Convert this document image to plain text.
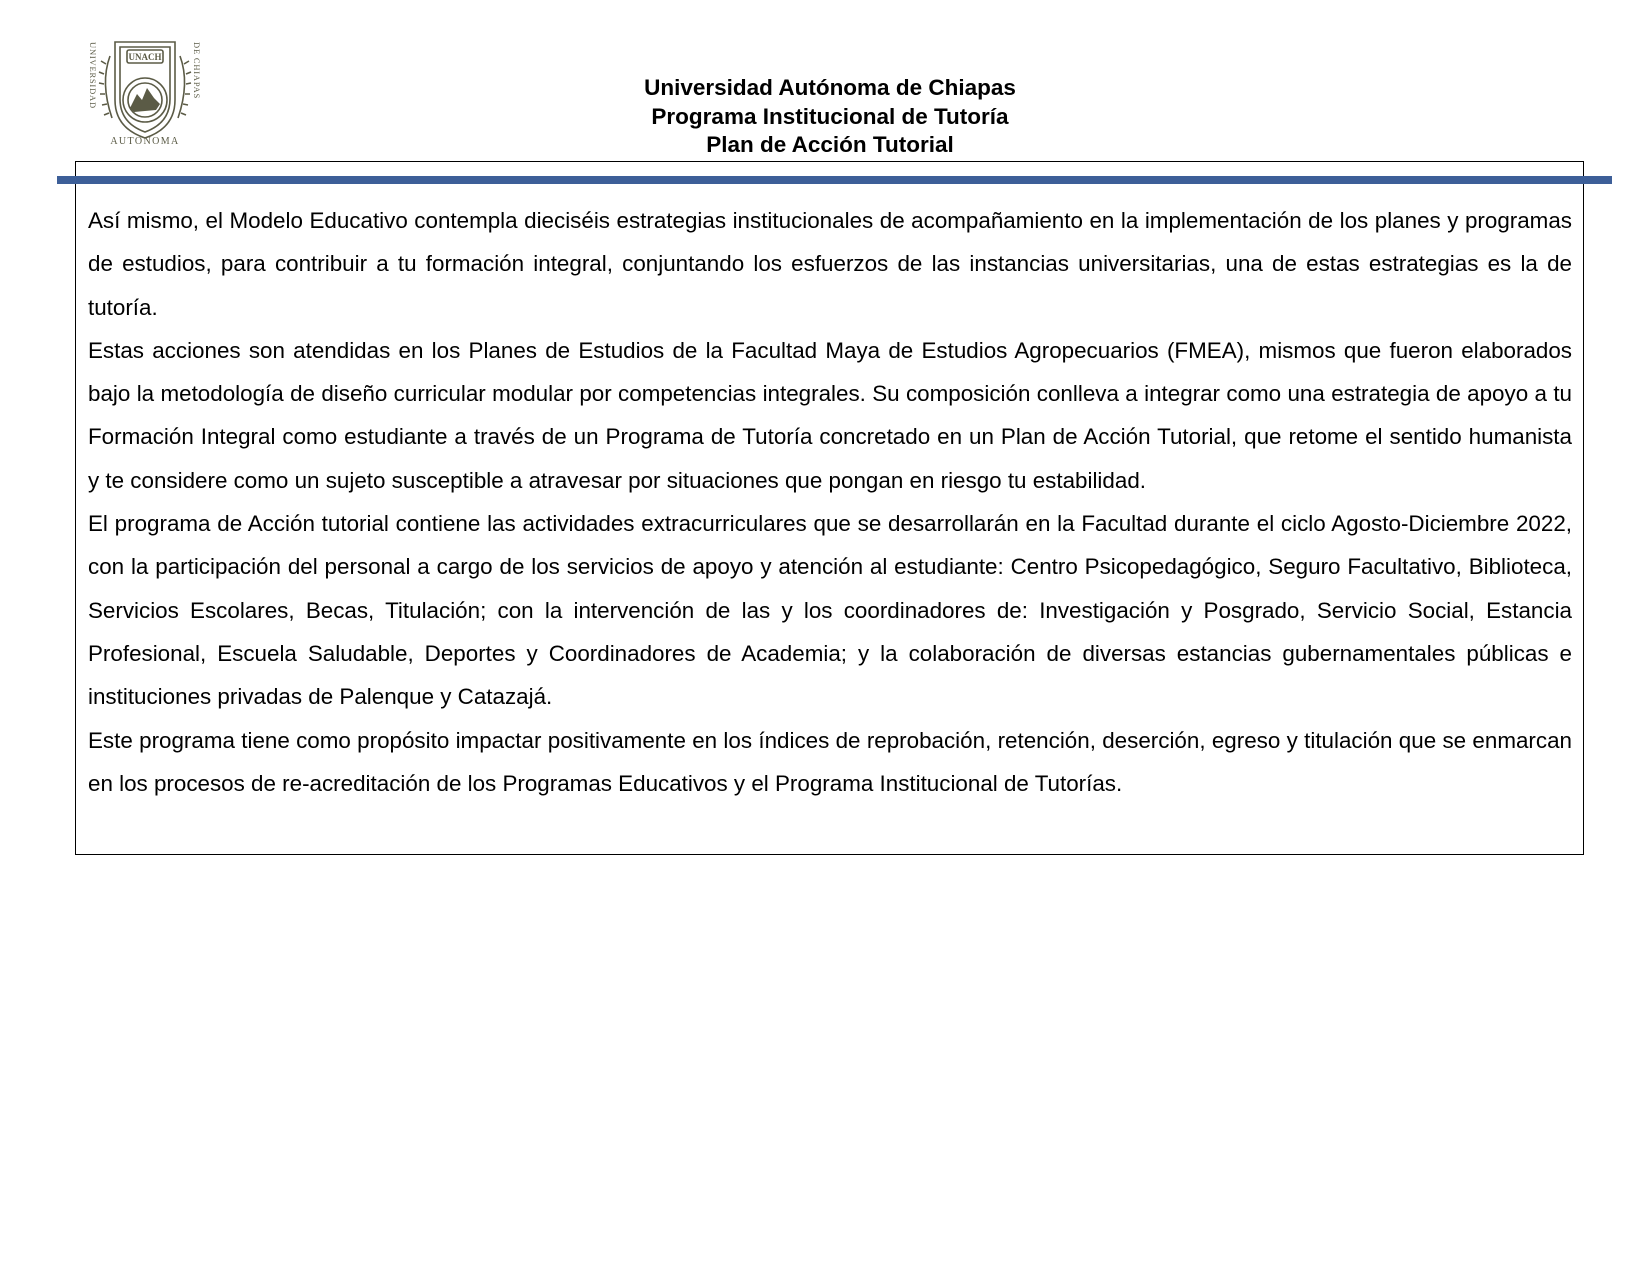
UNACH
AUTONOMA
UNIVERSIDAD	DE CHIAPAS	Universidad Autónoma de Chiapas
Programa Institucional de Tutoría
Plan de Acción Tutorial

Así mismo, el Modelo Educativo contempla dieciséis estrategias institucionales de acompañamiento en la implementación de los planes y programas de estudios, para contribuir a tu formación integral, conjuntando los esfuerzos de las instancias universitarias, una de estas estrategias es la de tutoría.

Estas acciones son atendidas en los Planes de Estudios de la Facultad Maya de Estudios Agropecuarios (FMEA), mismos que fueron elaborados bajo la metodología de diseño curricular modular por competencias integrales. Su composición conlleva a integrar como una estrategia de apoyo a tu Formación Integral como estudiante a través de un Programa de Tutoría concretado en un Plan de Acción Tutorial, que retome el sentido humanista y te considere como un sujeto susceptible a atravesar por situaciones que pongan en riesgo tu estabilidad.

El programa de Acción tutorial contiene las actividades extracurriculares que se desarrollarán en la Facultad durante el ciclo Agosto-Diciembre 2022, con la participación del personal a cargo de los servicios de apoyo y atención al estudiante: Centro Psicopedagógico, Seguro Facultativo, Biblioteca, Servicios Escolares, Becas, Titulación; con la intervención de las y los coordinadores de: Investigación y Posgrado, Servicio Social, Estancia Profesional, Escuela Saludable, Deportes y Coordinadores de Academia; y la colaboración de diversas estancias gubernamentales públicas e instituciones privadas de Palenque y Catazajá.

Este programa tiene como propósito impactar positivamente en los índices de reprobación, retención, deserción, egreso y titulación que se enmarcan en los procesos de re-acreditación de los Programas Educativos y el Programa Institucional de Tutorías.
